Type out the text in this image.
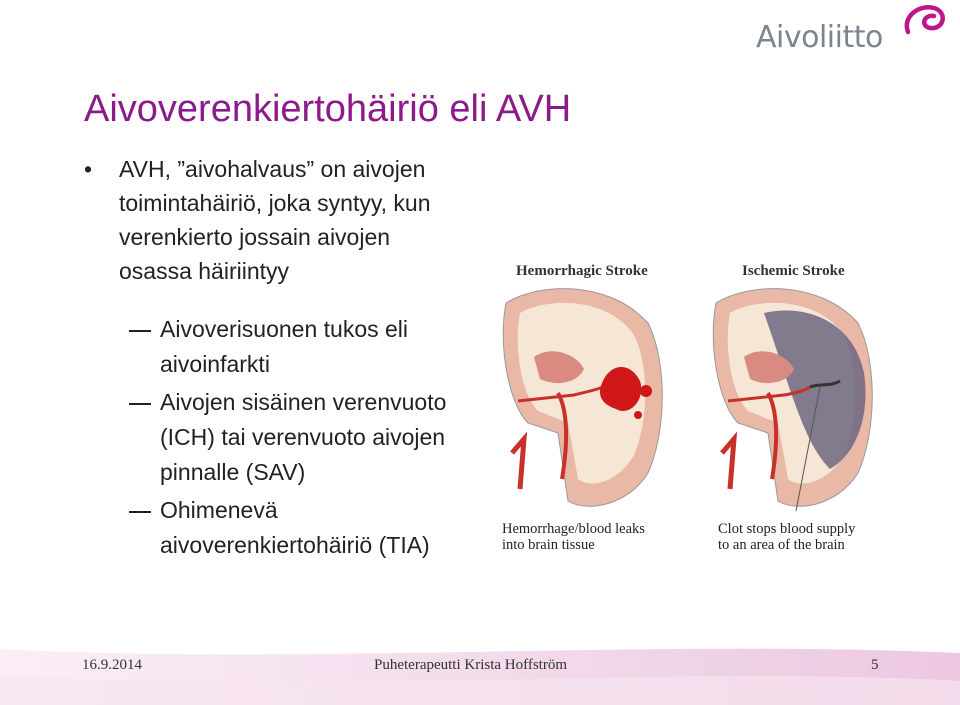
Aivoliitto
Aivoverenkiertohäiriö eli AVH
• AVH, ”aivohalvaus” on aivojen toimintahäiriö, joka syntyy, kun verenkierto jossain aivojen osassa häiriintyy
Aivoverisuonen tukos eli aivoinfarkti
Aivojen sisäinen verenvuoto (ICH) tai verenvuoto aivojen pinnalle (SAV)
Ohimenevä aivoverenkiertohäiriö (TIA)
Hemorrhagic Stroke	Ischemic Stroke
Hemorrhage/blood leaks
into brain tissue
Clot stops blood supply
to an area of the brain
16.9.2014	Puheterapeutti Krista Hoffström	5
